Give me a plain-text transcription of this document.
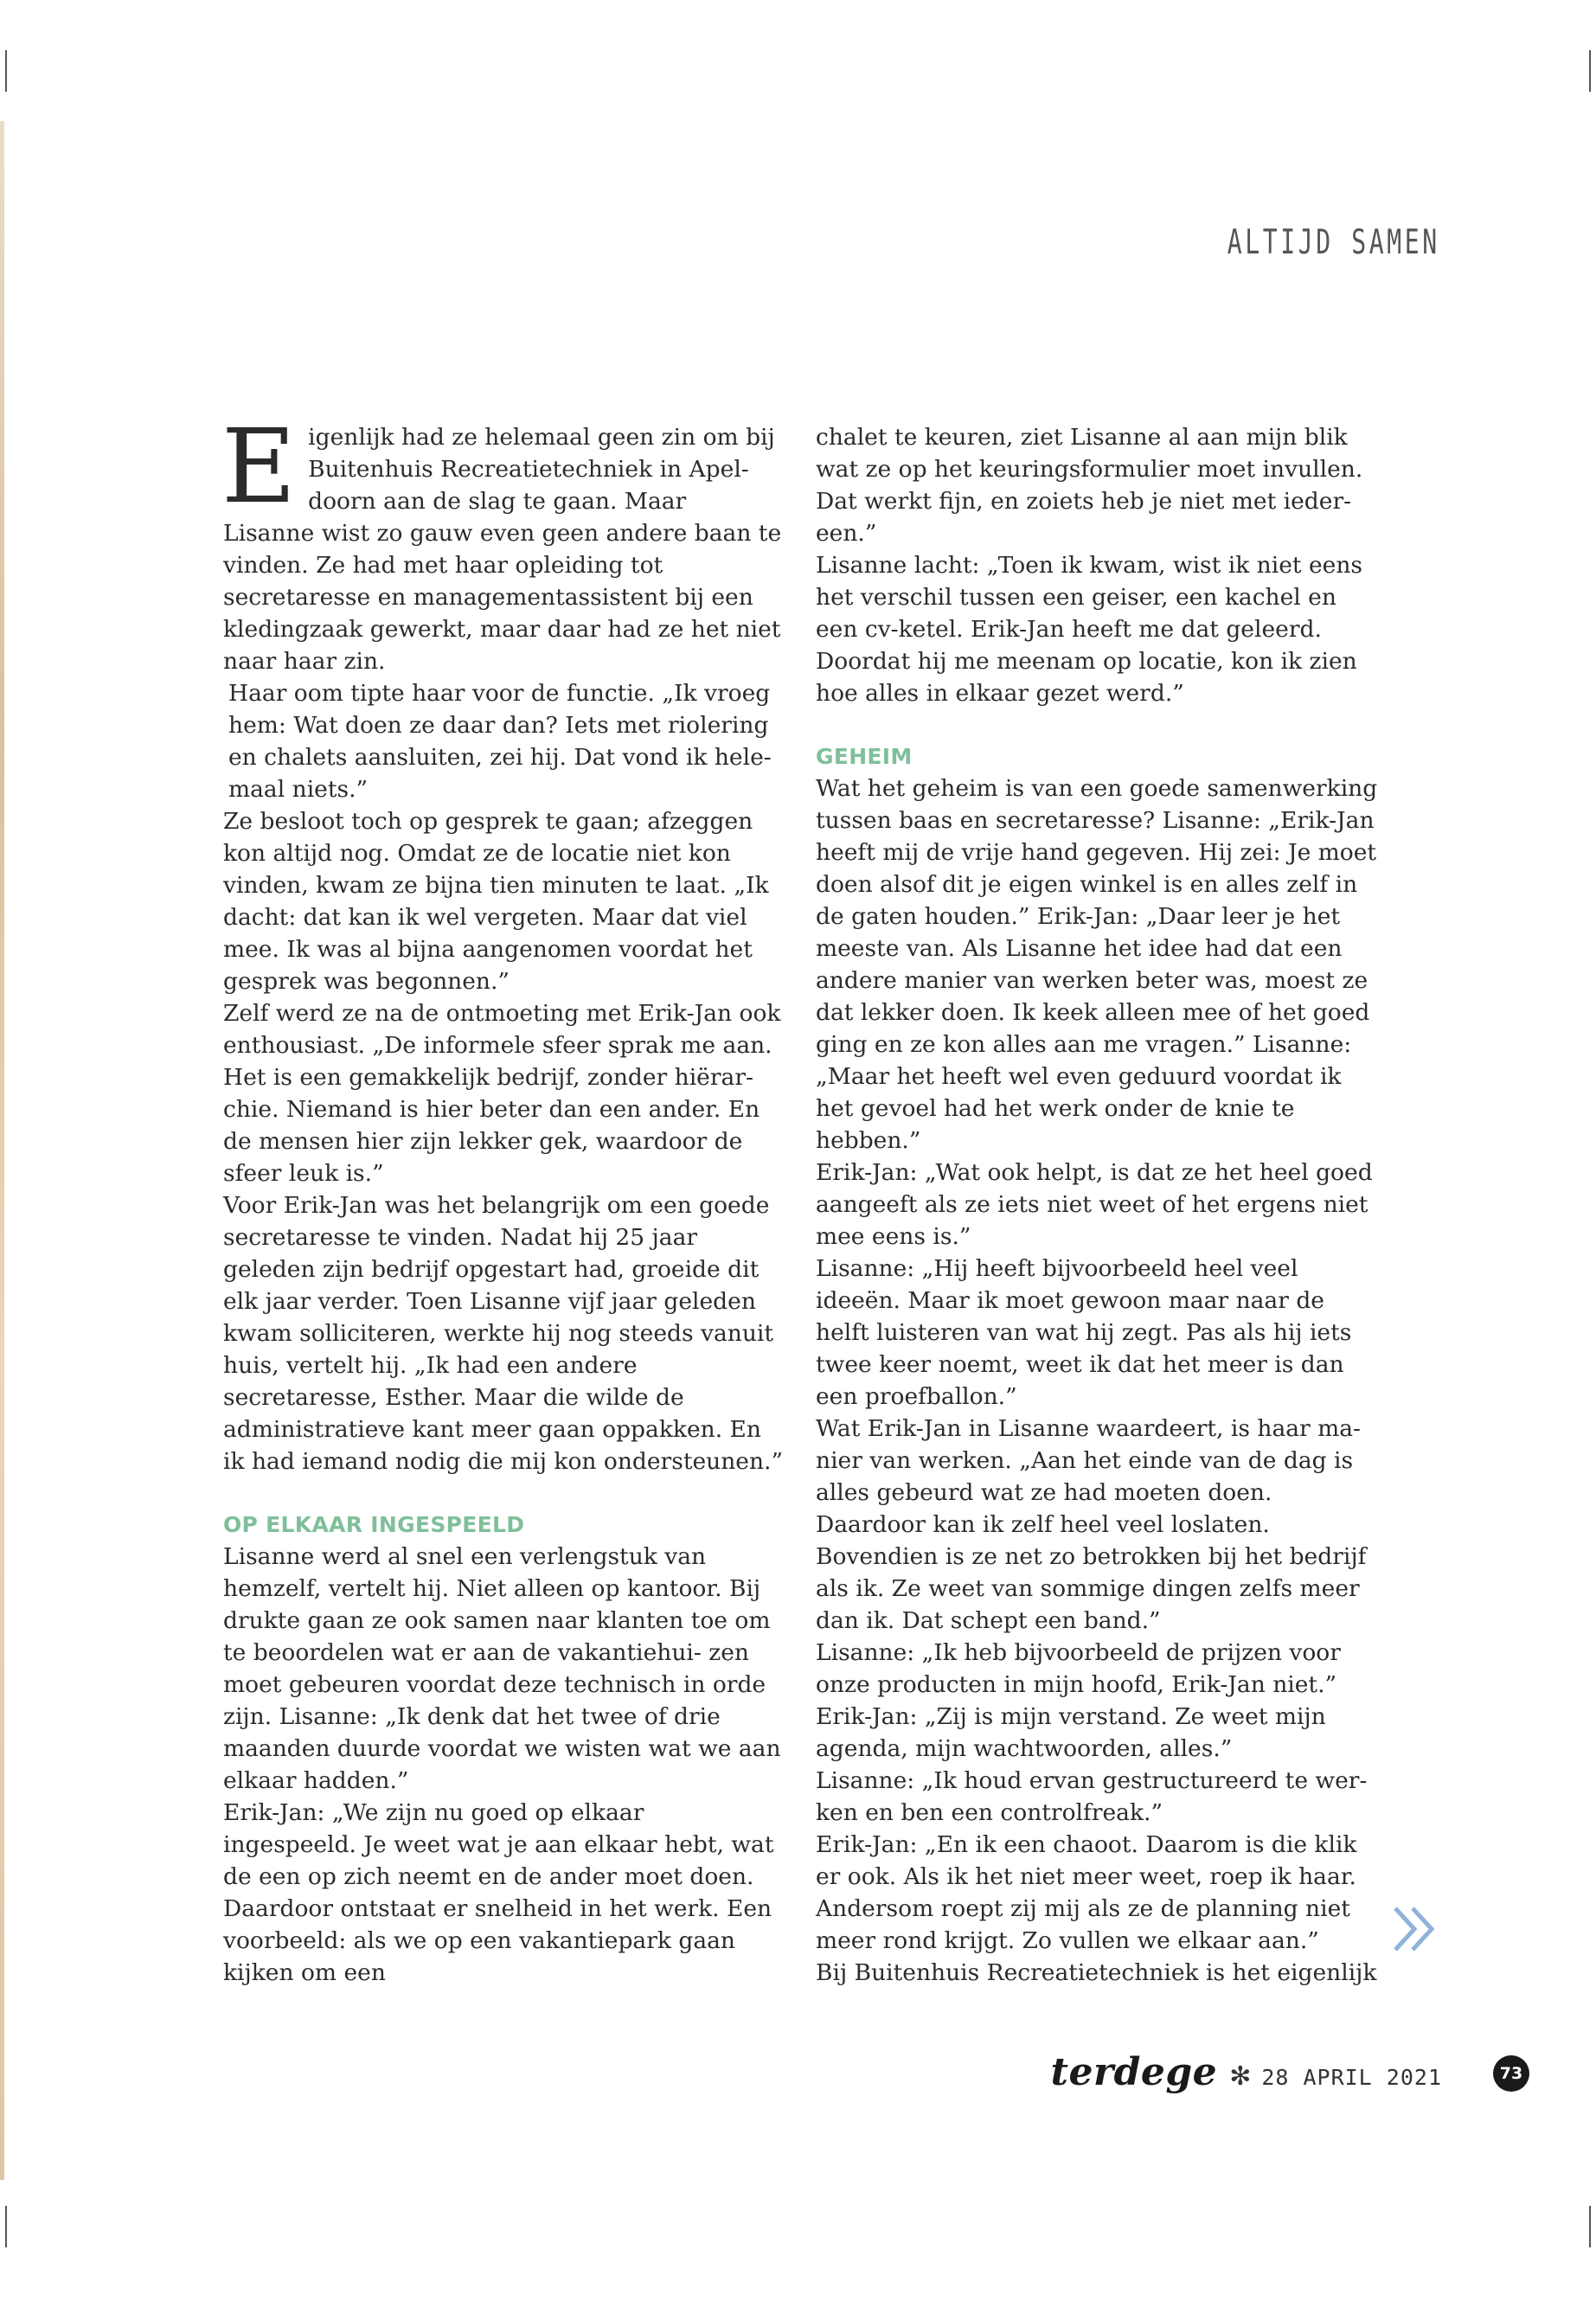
ALTIJD SAMEN

Eigenlijk had ze helemaal geen zin om bij Buitenhuis Recreatietechniek in Apel- doorn aan de slag te gaan. Maar Lisanne wist zo gauw even geen andere baan te vinden. Ze had met haar opleiding tot secretaresse en managementassistent bij een kledingzaak gewerkt, maar daar had ze het niet naar haar zin.

Haar oom tipte haar voor de functie. „Ik vroeg hem: Wat doen ze daar dan? Iets met riolering en chalets aansluiten, zei hij. Dat vond ik hele- maal niets.”

Ze besloot toch op gesprek te gaan; afzeggen kon altijd nog. Omdat ze de locatie niet kon vinden, kwam ze bijna tien minuten te laat. „Ik dacht: dat kan ik wel vergeten. Maar dat viel mee. Ik was al bijna aangenomen voordat het gesprek was begonnen.”

Zelf werd ze na de ontmoeting met Erik-Jan ook enthousiast. „De informele sfeer sprak me aan. Het is een gemakkelijk bedrijf, zonder hiërar- chie. Niemand is hier beter dan een ander. En de mensen hier zijn lekker gek, waardoor de sfeer leuk is.”

Voor Erik-Jan was het belangrijk om een goede secretaresse te vinden. Nadat hij 25 jaar geleden zijn bedrijf opgestart had, groeide dit elk jaar verder. Toen Lisanne vijf jaar geleden kwam solliciteren, werkte hij nog steeds vanuit huis, vertelt hij. „Ik had een andere secretaresse, Esther. Maar die wilde de administratieve kant meer gaan oppakken. En ik had iemand nodig die mij kon ondersteunen.”

OP ELKAAR INGESPEELD

Lisanne werd al snel een verlengstuk van hemzelf, vertelt hij. Niet alleen op kantoor. Bij drukte gaan ze ook samen naar klanten toe om te beoordelen wat er aan de vakantiehui- zen moet gebeuren voordat deze technisch in orde zijn. Lisanne: „Ik denk dat het twee of drie maanden duurde voordat we wisten wat we aan elkaar hadden.”

Erik-Jan: „We zijn nu goed op elkaar ingespeeld. Je weet wat je aan elkaar hebt, wat de een op zich neemt en de ander moet doen. Daardoor ontstaat er snelheid in het werk. Een voorbeeld: als we op een vakantiepark gaan kijken om een

chalet te keuren, ziet Lisanne al aan mijn blik wat ze op het keuringsformulier moet invullen. Dat werkt fijn, en zoiets heb je niet met ieder- een.”

Lisanne lacht: „Toen ik kwam, wist ik niet eens het verschil tussen een geiser, een kachel en een cv-ketel. Erik-Jan heeft me dat geleerd. Doordat hij me meenam op locatie, kon ik zien hoe alles in elkaar gezet werd.”

GEHEIM

Wat het geheim is van een goede samenwerking tussen baas en secretaresse? Lisanne: „Erik-Jan heeft mij de vrije hand gegeven. Hij zei: Je moet doen alsof dit je eigen winkel is en alles zelf in de gaten houden.” Erik-Jan: „Daar leer je het meeste van. Als Lisanne het idee had dat een andere manier van werken beter was, moest ze dat lekker doen. Ik keek alleen mee of het goed ging en ze kon alles aan me vragen.” Lisanne: „Maar het heeft wel even geduurd voordat ik het gevoel had het werk onder de knie te hebben.”

Erik-Jan: „Wat ook helpt, is dat ze het heel goed aangeeft als ze iets niet weet of het ergens niet mee eens is.”

Lisanne: „Hij heeft bijvoorbeeld heel veel ideeën. Maar ik moet gewoon maar naar de helft luisteren van wat hij zegt. Pas als hij iets twee keer noemt, weet ik dat het meer is dan een proefballon.”

Wat Erik-Jan in Lisanne waardeert, is haar ma- nier van werken. „Aan het einde van de dag is alles gebeurd wat ze had moeten doen. Daardoor kan ik zelf heel veel loslaten. Bovendien is ze net zo betrokken bij het bedrijf als ik. Ze weet van sommige dingen zelfs meer dan ik. Dat schept een band.”

Lisanne: „Ik heb bijvoorbeeld de prijzen voor onze producten in mijn hoofd, Erik-Jan niet.”

Erik-Jan: „Zij is mijn verstand. Ze weet mijn agenda, mijn wachtwoorden, alles.”

Lisanne: „Ik houd ervan gestructureerd te wer- ken en ben een controlfreak.”

Erik-Jan: „En ik een chaoot. Daarom is die klik er ook. Als ik het niet meer weet, roep ik haar. Andersom roept zij mij als ze de planning niet meer rond krijgt. Zo vullen we elkaar aan.”

Bij Buitenhuis Recreatietechniek is het eigenlijk

terdege ✻ 28 APRIL 2021	73
